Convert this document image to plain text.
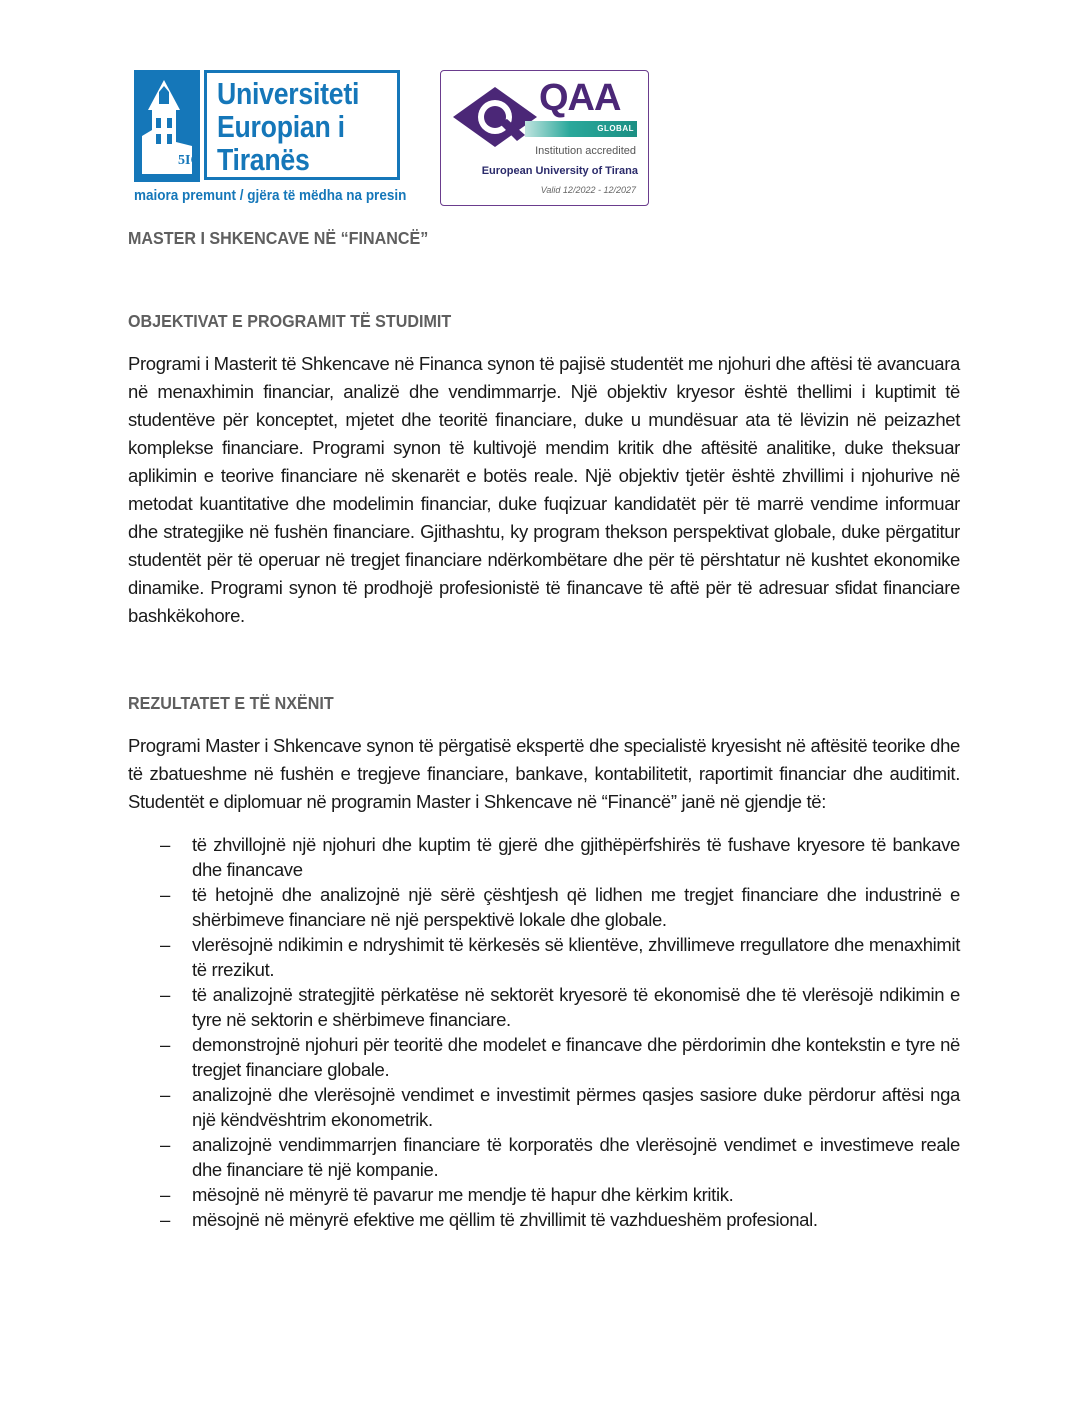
5IC
Universiteti
Europian i
Tiranës
maiora premunt / gjëra të mëdha na presin
QAA
GLOBAL
Institution accredited
European University of Tirana
Valid 12/2022 - 12/2027
MASTER I SHKENCAVE NË “FINANCË”
OBJEKTIVAT E PROGRAMIT TË STUDIMIT

Programi i Masterit të Shkencave në Financa synon të pajisë studentët me njohuri dhe aftësi të avancuara në menaxhimin financiar, analizë dhe vendimmarrje. Një objektiv kryesor është thellimi i kuptimit të studentëve për konceptet, mjetet dhe teoritë financiare, duke u mundësuar ata të lëvizin në peizazhet komplekse financiare. Programi synon të kultivojë mendim kritik dhe aftësitë analitike, duke theksuar aplikimin e teorive financiare në skenarët e botës reale. Një objektiv tjetër është zhvillimi i njohurive në metodat kuantitative dhe modelimin financiar, duke fuqizuar kandidatët për të marrë vendime informuar dhe strategjike në fushën financiare. Gjithashtu, ky program thekson perspektivat globale, duke përgatitur studentët për të operuar në tregjet financiare ndërkombëtare dhe për të përshtatur në kushtet ekonomike dinamike. Programi synon të prodhojë profesionistë të financave të aftë për të adresuar sfidat financiare bashkëkohore.

REZULTATET E TË NXËNIT

Programi Master i Shkencave synon të përgatisë ekspertë dhe specialistë kryesisht në aftësitë teorike dhe të zbatueshme në fushën e tregjeve financiare, bankave, kontabilitetit, raportimit financiar dhe auditimit. Studentët e diplomuar në programin Master i Shkencave në “Financë” janë në gjendje të:

– të zhvillojnë një njohuri dhe kuptim të gjerë dhe gjithëpërfshirës të fushave kryesore të bankave dhe financave
– të hetojnë dhe analizojnë një sërë çështjesh që lidhen me tregjet financiare dhe industrinë e shërbimeve financiare në një perspektivë lokale dhe globale.
– vlerësojnë ndikimin e ndryshimit të kërkesës së klientëve, zhvillimeve rregullatore dhe menaxhimit të rrezikut.
– të analizojnë strategjitë përkatëse në sektorët kryesorë të ekonomisë dhe të vlerësojë ndikimin e tyre në sektorin e shërbimeve financiare.
– demonstrojnë njohuri për teoritë dhe modelet e financave dhe përdorimin dhe kontekstin e tyre në tregjet financiare globale.
– analizojnë dhe vlerësojnë vendimet e investimit përmes qasjes sasiore duke përdorur aftësi nga një këndvështrim ekonometrik.
– analizojnë vendimmarrjen financiare të korporatës dhe vlerësojnë vendimet e investimeve reale dhe financiare të një kompanie.
– mësojnë në mënyrë të pavarur me mendje të hapur dhe kërkim kritik.
– mësojnë në mënyrë efektive me qëllim të zhvillimit të vazhdueshëm profesional.
